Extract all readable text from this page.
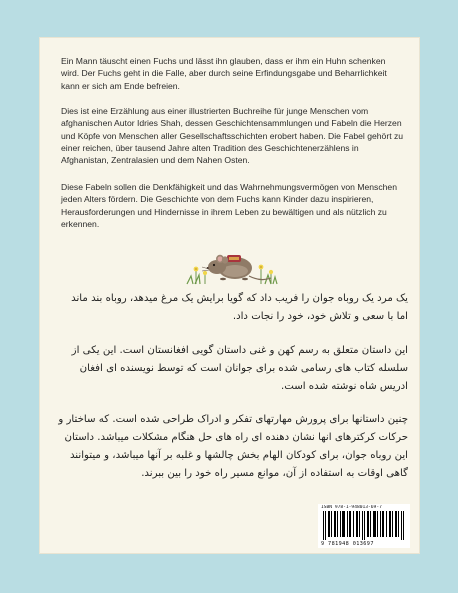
Ein Mann täuscht einen Fuchs und lässt ihn glauben, dass er ihm ein Huhn schenken wird. Der Fuchs geht in die Falle, aber durch seine Erfindungsgabe und Beharrlichkeit kann er sich am Ende befreien.

Dies ist eine Erzählung aus einer illustrierten Buchreihe für junge Menschen vom afghanischen Autor Idries Shah, dessen Geschichtensammlungen und Fabeln die Herzen und Köpfe von Menschen aller Gesellschaftsschichten erobert haben. Die Fabel gehört zu einer reichen, über tausend Jahre alten Tradition des Geschichtenerzählens in Afghanistan, Zentralasien und dem Nahen Osten.

Diese Fabeln sollen die Denkfähigkeit und das Wahrnehmungsvermögen von Menschen jeden Alters fördern. Die Geschichte von dem Fuchs kann Kinder dazu inspirieren, Herausforderungen und Hindernisse in ihrem Leben zu bewältigen und als nützlich zu erkennen.

یک مرد یک روباه جوان را فریب داد که گویا برایش یک مرغ میدهد، روباه بند ماند اما با سعی و تلاش خود، خود را نجات داد.

این داستان متعلق به رسم کهن و غنی داستان گویی افغانستان است. این یکی از سلسله کتاب های رسامی شده برای جوانان است که توسط نویسنده ای افغان ادریس شاه نوشته شده است.

چنین داستانها برای پرورش مهارتهای تفکر و ادراک طراحی شده است. که ساختار و حرکات کرکترهای انها نشان دهنده ای راه های حل هنگام مشکلات میباشد. داستان این روباه جوان، برای کودکان الهام بخش چالشها و غلبه بر آنها میباشد، و میتوانند گاهی اوقات به استفاده از آن، موانع مسیر راه خود را بین ببرند.

ISBN 978-1-948013-69-7
9 781948 013697
